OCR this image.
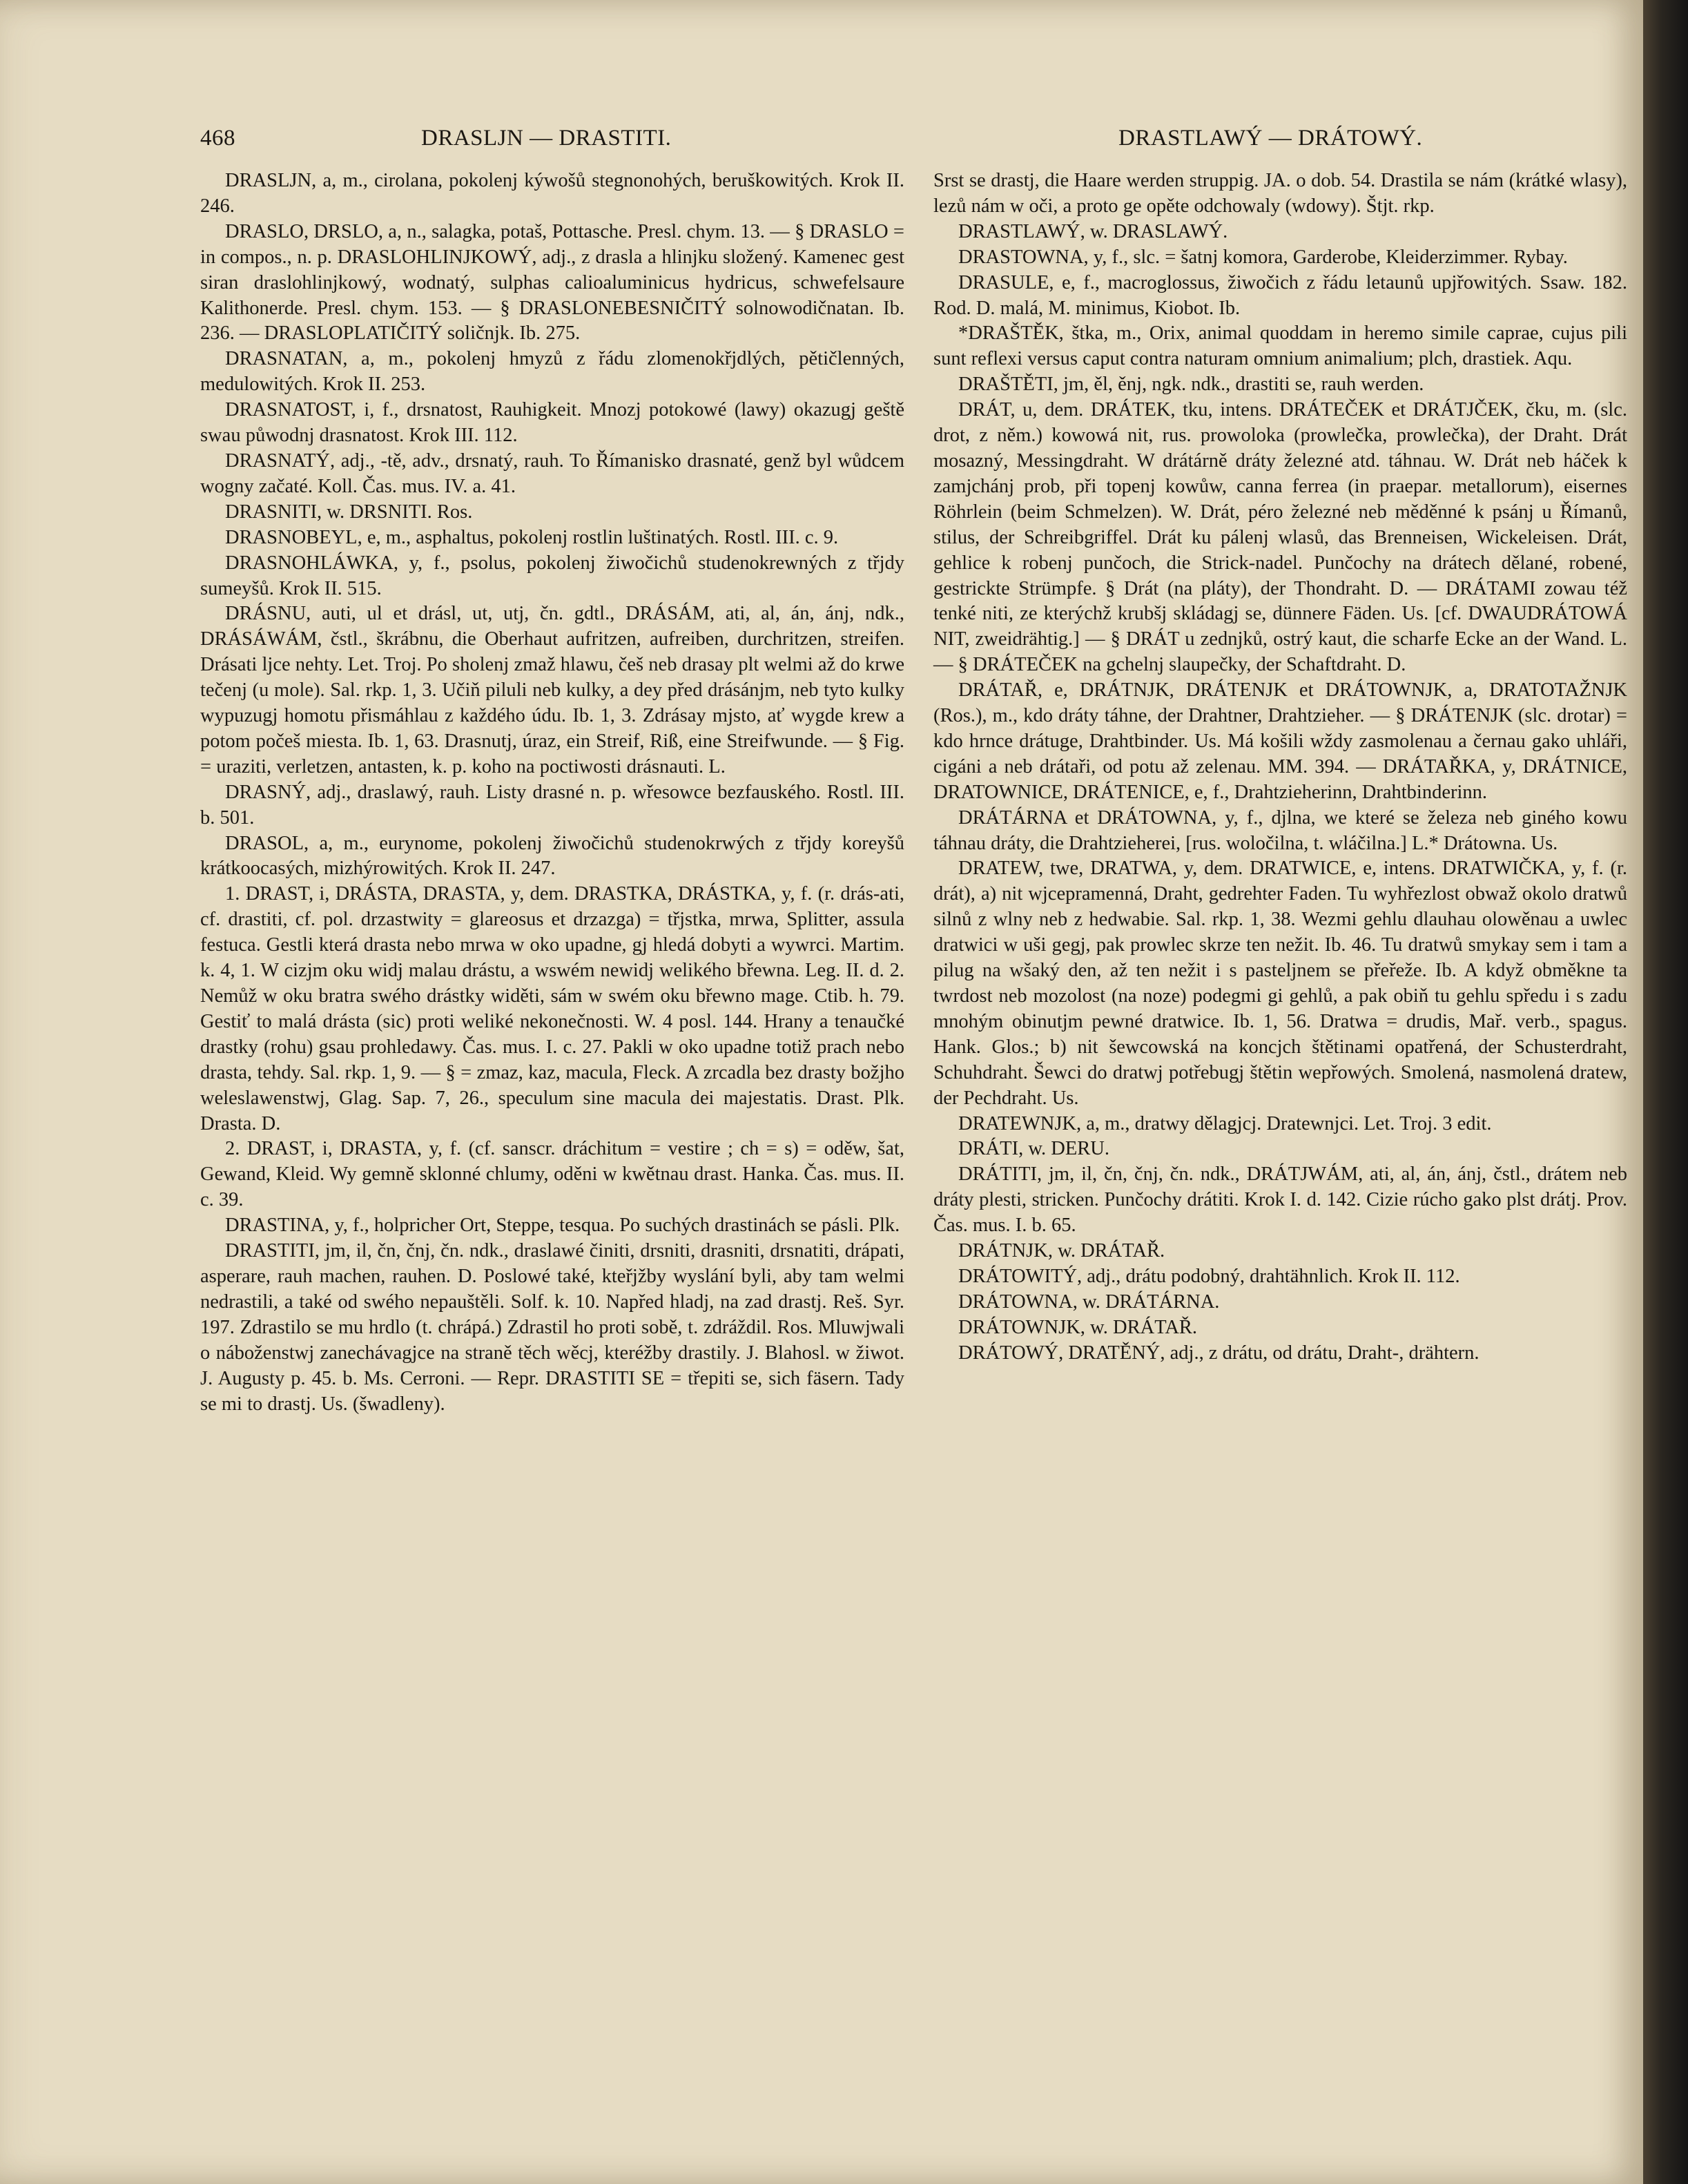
468	DRASLJN — DRASTITI.	DRASTLAWÝ — DRÁTOWÝ.

DRASLJN, a, m., cirolana, pokolenj kýwošů stegnonohých, beruškowitých. Krok II. 246.

DRASLO, DRSLO, a, n., salagka, potaš, Pottasche. Presl. chym. 13. — § DRASLO = in compos., n. p. DRASLOHLINJKOWÝ, adj., z drasla a hlinjku složený. Kamenec gest siran draslohlinjkowý, wodnatý, sulphas calioaluminicus hydricus, schwefelsaure Kalithonerde. Presl. chym. 153. — § DRASLONEBESNIČITÝ solnowodičnatan. Ib. 236. — DRASLOPLATIČITÝ soličnjk. Ib. 275.

DRASNATAN, a, m., pokolenj hmyzů z řádu zlomenokřjdlých, pětičlenných, medulowitých. Krok II. 253.

DRASNATOST, i, f., drsnatost, Rauhigkeit. Mnozj potokowé (lawy) okazugj geště swau půwodnj drasnatost. Krok III. 112.

DRASNATÝ, adj., -tě, adv., drsnatý, rauh. To Římanisko drasnaté, genž byl wůdcem wogny začaté. Koll. Čas. mus. IV. a. 41.

DRASNITI, w. DRSNITI. Ros.

DRASNOBEYL, e, m., asphaltus, pokolenj rostlin luštinatých. Rostl. III. c. 9.

DRASNOHLÁWKA, y, f., psolus, pokolenj žiwočichů studenokrewných z třjdy sumeyšů. Krok II. 515.

DRÁSNU, auti, ul et drásl, ut, utj, čn. gdtl., DRÁSÁM, ati, al, án, ánj, ndk., DRÁSÁWÁM, čstl., škrábnu, die Oberhaut aufritzen, aufreiben, durchritzen, streifen. Drásati ljce nehty. Let. Troj. Po sholenj zmaž hlawu, češ neb drasay plt welmi až do krwe tečenj (u mole). Sal. rkp. 1, 3. Učiň piluli neb kulky, a dey před drásánjm, neb tyto kulky wypuzugj homotu přismáhlau z každého údu. Ib. 1, 3. Zdrásay mjsto, ať wygde krew a potom počeš miesta. Ib. 1, 63. Drasnutj, úraz, ein Streif, Riß, eine Streifwunde. — § Fig. = uraziti, verletzen, antasten, k. p. koho na poctiwosti drásnauti. L.

DRASNÝ, adj., draslawý, rauh. Listy drasné n. p. wřesowce bezfauského. Rostl. III. b. 501.

DRASOL, a, m., eurynome, pokolenj žiwočichů studenokrwých z třjdy koreyšů krátkoocasých, mizhýrowitých. Krok II. 247.

1. DRAST, i, DRÁSTA, DRASTA, y, dem. DRASTKA, DRÁSTKA, y, f. (r. drás-ati, cf. drastiti, cf. pol. drzastwity = glareosus et drzazga) = třjstka, mrwa, Splitter, assula festuca. Gestli která drasta nebo mrwa w oko upadne, gj hledá dobyti a wywrci. Martim. k. 4, 1. W cizjm oku widj malau drástu, a wswém newidj welikého břewna. Leg. II. d. 2. Nemůž w oku bratra swého drástky widěti, sám w swém oku břewno mage. Ctib. h. 79. Gestiť to malá drásta (sic) proti weliké nekonečnosti. W. 4 posl. 144. Hrany a tenaučké drastky (rohu) gsau prohledawy. Čas. mus. I. c. 27. Pakli w oko upadne totiž prach nebo drasta, tehdy. Sal. rkp. 1, 9. — § = zmaz, kaz, macula, Fleck. A zrcadla bez drasty božjho weleslawenstwj, Glag. Sap. 7, 26., speculum sine macula dei majestatis. Drast. Plk. Drasta. D.

2. DRAST, i, DRASTA, y, f. (cf. sanscr. dráchitum = vestire ; ch = s) = oděw, šat, Gewand, Kleid. Wy gemně sklonné chlumy, oděni w kwětnau drast. Hanka. Čas. mus. II. c. 39.

DRASTINA, y, f., holpricher Ort, Steppe, tesqua. Po suchých drastinách se pásli. Plk.

DRASTITI, jm, il, čn, čnj, čn. ndk., draslawé činiti, drsniti, drasniti, drsnatiti, drápati, asperare, rauh machen, rauhen. D. Poslowé také, kteřjžby wyslání byli, aby tam welmi nedrastili, a také od swého nepauštěli. Solf. k. 10. Napřed hladj, na zad drastj. Reš. Syr. 197. Zdrastilo se mu hrdlo (t. chrápá.) Zdrastil ho proti sobě, t. zdráždil. Ros. Mluwjwali o náboženstwj zanechávagjce na straně těch wěcj, kteréžby drastily. J. Blahosl. w žiwot. J. Augusty p. 45. b. Ms. Cerroni. — Repr. DRASTITI SE = třepiti se, sich fäsern. Tady se mi to drastj. Us. (šwadleny).

Srst se drastj, die Haare werden struppig. JA. o dob. 54. Drastila se nám (krátké wlasy), lezů nám w oči, a proto ge opěte odchowaly (wdowy). Štjt. rkp.

DRASTLAWÝ, w. DRASLAWÝ.

DRASTOWNA, y, f., slc. = šatnj komora, Garderobe, Kleiderzimmer. Rybay.

DRASULE, e, f., macroglossus, žiwočich z řádu letaunů upjřowitých. Ssaw. 182. Rod. D. malá, M. minimus, Kiobot. Ib.

*DRAŠTĚK, štka, m., Orix, animal quoddam in heremo simile caprae, cujus pili sunt reflexi versus caput contra naturam omnium animalium; plch, drastiek. Aqu.

DRAŠTĚTI, jm, ěl, ěnj, ngk. ndk., drastiti se, rauh werden.

DRÁT, u, dem. DRÁTEK, tku, intens. DRÁTEČEK et DRÁTJČEK, čku, m. (slc. drot, z něm.) kowowá nit, rus. prowoloka (prowlečka, prowlečka), der Draht. Drát mosazný, Messingdraht. W drátárně dráty železné atd. táhnau. W. Drát neb háček k zamjchánj prob, při topenj kowůw, canna ferrea (in praepar. metallorum), eisernes Röhrlein (beim Schmelzen). W. Drát, péro železné neb měděnné k psánj u Římanů, stilus, der Schreibgriffel. Drát ku pálenj wlasů, das Brenneisen, Wickeleisen. Drát, gehlice k robenj punčoch, die Strick-nadel. Punčochy na drátech dělané, robené, gestrickte Strümpfe. § Drát (na pláty), der Thondraht. D. — DRÁTAMI zowau též tenké niti, ze kterýchž krubšj skládagj se, dünnere Fäden. Us. [cf. DWAUDRÁTOWÁ NIT, zweidrähtig.] — § DRÁT u zednjků, ostrý kaut, die scharfe Ecke an der Wand. L. — § DRÁTEČEK na gchelnj slaupečky, der Schaftdraht. D.

DRÁTAŘ, e, DRÁTNJK, DRÁTENJK et DRÁTOWNJK, a, DRATOTAŽNJK (Ros.), m., kdo dráty táhne, der Drahtner, Drahtzieher. — § DRÁTENJK (slc. drotar) = kdo hrnce drátuge, Drahtbinder. Us. Má košili wždy zasmolenau a černau gako uhláři, cigáni a neb drátaři, od potu až zelenau. MM. 394. — DRÁTAŘKA, y, DRÁTNICE, DRATOWNICE, DRÁTENICE, e, f., Drahtzieherinn, Drahtbinderinn.

DRÁTÁRNA et DRÁTOWNA, y, f., djlna, we které se železa neb giného kowu táhnau dráty, die Drahtzieherei, [rus. woločilna, t. wláčilna.] L.* Drátowna. Us.

DRATEW, twe, DRATWA, y, dem. DRATWICE, e, intens. DRATWIČKA, y, f. (r. drát), a) nit wjcepramenná, Draht, gedrehter Faden. Tu wyhřezlost obwaž okolo dratwů silnů z wlny neb z hedwabie. Sal. rkp. 1, 38. Wezmi gehlu dlauhau olowěnau a uwlec dratwici w uši gegj, pak prowlec skrze ten nežit. Ib. 46. Tu dratwů smykay sem i tam a pilug na wšaký den, až ten nežit i s pasteljnem se přeřeže. Ib. A když obměkne ta twrdost neb mozolost (na noze) podegmi gi gehlů, a pak obiň tu gehlu spředu i s zadu mnohým obinutjm pewné dratwice. Ib. 1, 56. Dratwa = drudis, Mař. verb., spagus. Hank. Glos.; b) nit šewcowská na koncjch štětinami opatřená, der Schusterdraht, Schuhdraht. Šewci do dratwj potřebugj štětin wepřowých. Smolená, nasmolená dratew, der Pechdraht. Us.

DRATEWNJK, a, m., dratwy dělagjcj. Dratewnjci. Let. Troj. 3 edit.

DRÁTI, w. DERU.

DRÁTITI, jm, il, čn, čnj, čn. ndk., DRÁTJWÁM, ati, al, án, ánj, čstl., drátem neb dráty plesti, stricken. Punčochy drátiti. Krok I. d. 142. Cizie rúcho gako plst drátj. Prov. Čas. mus. I. b. 65.

DRÁTNJK, w. DRÁTAŘ.

DRÁTOWITÝ, adj., drátu podobný, drahtähnlich. Krok II. 112.

DRÁTOWNA, w. DRÁTÁRNA.

DRÁTOWNJK, w. DRÁTAŘ.

DRÁTOWÝ, DRATĚNÝ, adj., z drátu, od drátu, Draht-, drähtern.
